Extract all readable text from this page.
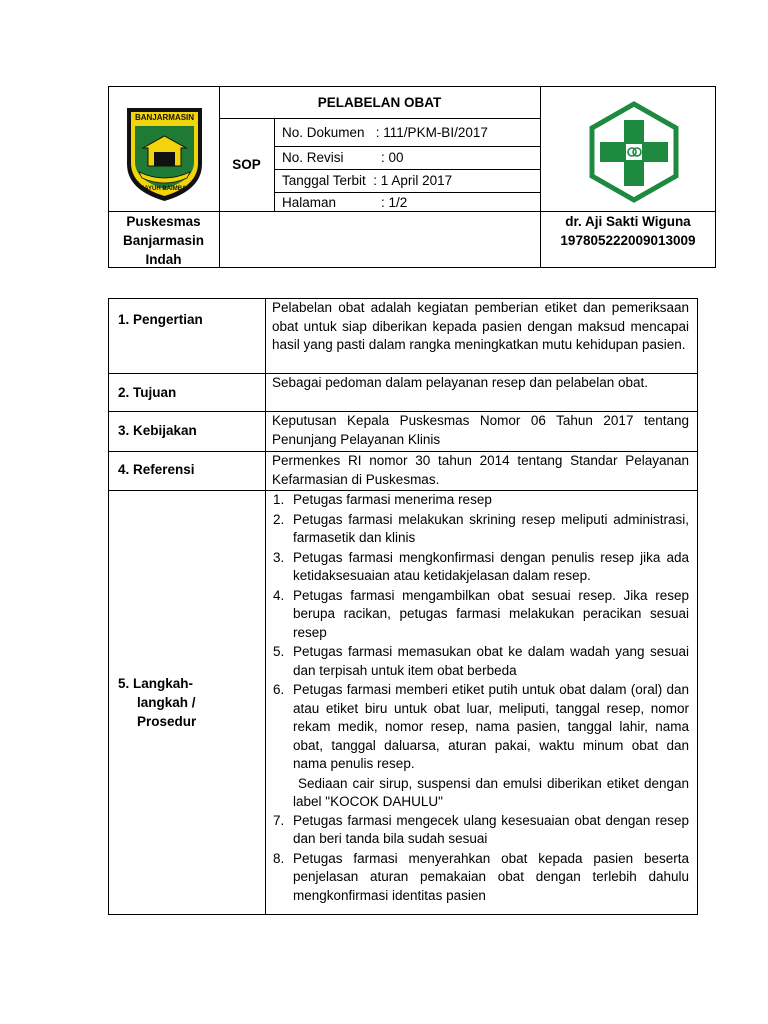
BANJARMASIN
KAYUH BAIMBAI
PELABELAN OBAT
SOP
No. Dokumen   : 111/PKM-BI/2017
No. Revisi          : 00
Tanggal Terbit  : 1 April 2017
Halaman            : 1/2
Puskesmas
Banjarmasin
Indah
dr. Aji Sakti Wiguna
197805222009013009
1. Pengertian
Pelabelan obat adalah kegiatan pemberian etiket dan pemeriksaan obat untuk siap diberikan kepada pasien dengan maksud mencapai hasil yang pasti dalam rangka meningkatkan mutu kehidupan pasien.
2. Tujuan
Sebagai pedoman dalam pelayanan resep dan pelabelan obat.
3. Kebijakan
Keputusan Kepala Puskesmas Nomor 06 Tahun 2017 tentang Penunjang Pelayanan Klinis
4. Referensi
Permenkes RI nomor 30 tahun 2014 tentang Standar Pelayanan Kefarmasian di Puskesmas.
5. Langkah-
langkah /
Prosedur
1. Petugas farmasi menerima resep
2. Petugas farmasi melakukan skrining resep meliputi administrasi, farmasetik dan klinis
3. Petugas farmasi mengkonfirmasi dengan penulis resep jika ada ketidaksesuaian atau ketidakjelasan dalam resep.
4. Petugas farmasi mengambilkan obat sesuai resep. Jika resep berupa racikan, petugas farmasi melakukan peracikan sesuai resep
5. Petugas farmasi memasukan obat ke dalam wadah yang sesuai dan terpisah untuk item obat berbeda
6. Petugas farmasi memberi etiket putih untuk obat dalam (oral) dan atau etiket biru untuk obat luar, meliputi, tanggal resep, nomor rekam medik, nomor resep, nama pasien, tanggal lahir, nama obat, tanggal daluarsa, aturan pakai, waktu minum obat dan nama penulis resep.
Sediaan cair sirup, suspensi dan emulsi diberikan etiket dengan label "KOCOK DAHULU"
7. Petugas farmasi mengecek ulang kesesuaian obat dengan resep dan beri tanda bila sudah sesuai
8. Petugas farmasi menyerahkan obat kepada pasien beserta penjelasan aturan pemakaian obat dengan terlebih dahulu mengkonfirmasi identitas pasien
